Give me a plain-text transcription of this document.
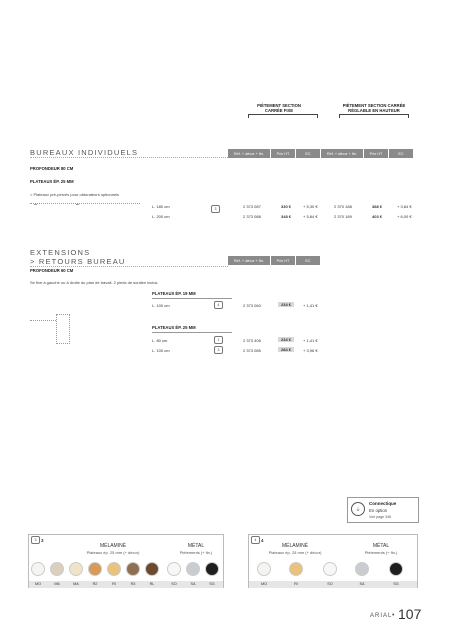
PIÈTEMENT SECTION CARRÉE FIXE
PIÈTEMENT SECTION CARRÉE RÉGLABLE EN HAUTEUR
BUREAUX INDIVIDUELS	Réf. + décor + fin.	Prix HT	EC	Réf. + décor + fin.	Prix HT	EC
PROFONDEUR 80 CM
PLATEAUX ÉP. 25 MM
> Plateaux pré-percés pour obturateurs optionnels
3
L. 180 cm	2 373 087	330 €	+ 5,30 €	2 370 188	388 €	+ 3,84 €
L. 200 cm	2 373 088	348 €	+ 5,84 €	2 370 189	403 €	+ 6,00 €
EXTENSIONS
> RETOURS BUREAU	Réf. + décor + fin.	Prix HT	EC
PROFONDEUR 60 CM
Se fixe à gauche ou à droite du plan de travail. 2 pieds de soutien inclus.
PLATEAUX ÉP. 19 MM
L. 100 cm	4	2 373 060	234 €	+ 1,41 €
PLATEAUX ÉP. 25 MM
L. 80 cm	1	2 373 406	234 €	+ 1,41 €
L. 100 cm	3	2 373 085	284 €	+ 3,96 €
⏚
Connectique
En option
Voir page 346
3 3
MÉLAMINÉ
Plateaux ép. 25 mm (+ décor)
MÉTAL
Piètements (+ fin.)
MO	M6	MA	R2	RI	R3	RL	SO	SA	SG
4 4
MÉLAMINÉ
Plateaux ép. 25 mm (+ décor)
MÉTAL
Piètements (+ fin.)
MO	RI	SO	SA	SG
ARIAL • 107
